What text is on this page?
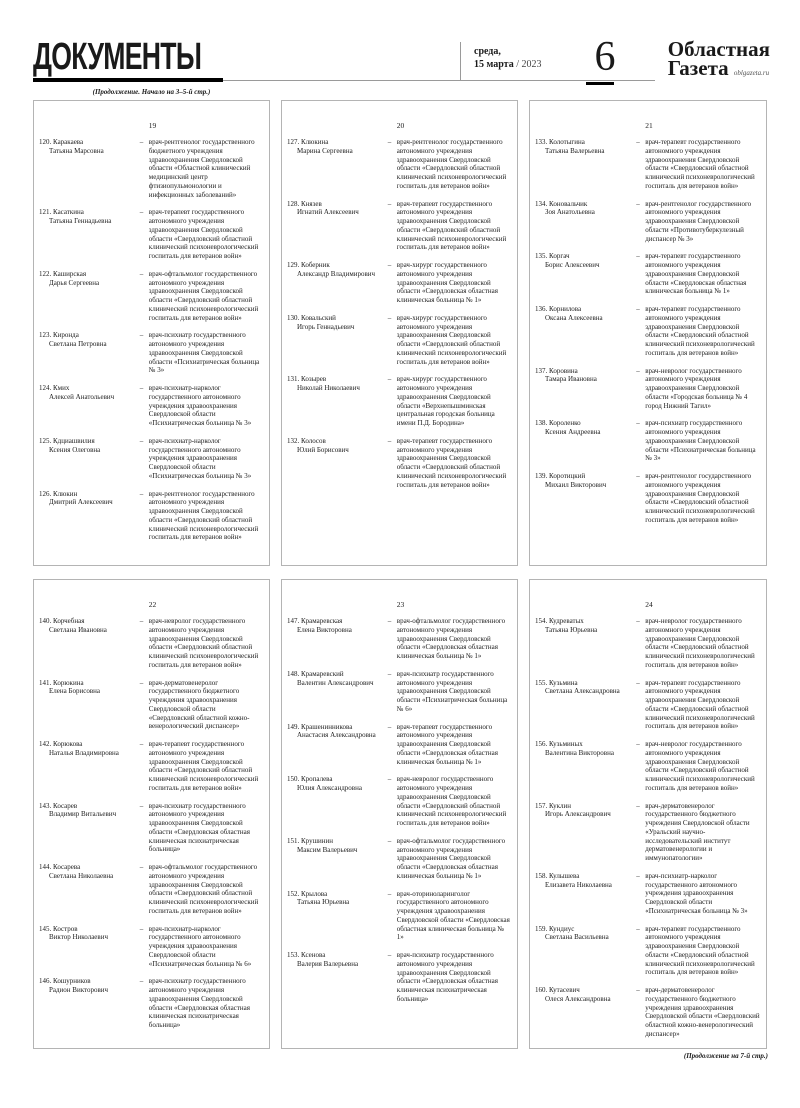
ДОКУМЕНТЫ	среда,
15 марта / 2023 6	Областная
Газета oblgazeta.ru
(Продолжение. Начало на 3–5-й стр.)
19
120. Каракаева
Татьяна Марсовна
– врач-рентгенолог государственного бюджетного учреждения здравоохранения Свердловской области «Областной клинический медицинский центр фтизиопульмонологии и инфекционных заболеваний»
121. Касаткина
Татьяна Геннадьевна
– врач-терапевт государственного автономного учреждения здравоохранения Свердловской области «Свердловский областной клинический психоневрологический госпиталь для ветеранов войн»
122. Каширская
Дарья Сергеевна
– врач-офтальмолог государственного автономного учреждения здравоохранения Свердловской области «Свердловский областной клинический психоневрологический госпиталь для ветеранов войн»
123. Киронда
Светлана Петровна
– врач-психиатр государственного автономного учреждения здравоохранения Свердловской области «Психиатрическая больница № 3»
124. Кмих
Алексей Анатольевич
– врач-психиатр-нарколог государственного автономного учреждения здравоохранения Свердловской области «Психиатрическая больница № 3»
125. Кдциашвилия
Ксения Олеговна
– врач-психиатр-нарколог государственного автономного учреждения здравоохранения Свердловской области «Психиатрическая больница № 3»
126. Клюкин
Дмитрий Алексеевич
– врач-рентгенолог государственного автономного учреждения здравоохранения Свердловской области «Свердловский областной клинический психоневрологический госпиталь для ветеранов войн»
20
127. Клюкина
Марина Сергеевна
– врач-рентгенолог государственного автономного учреждения здравоохранения Свердловской области «Свердловский областной клинический психоневрологический госпиталь для ветеранов войн»
128. Князев
Игнатий Алексеевич
– врач-терапевт государственного автономного учреждения здравоохранения Свердловской области «Свердловский областной клинический психоневрологический госпиталь для ветеранов войн»
129. Коберник
Александр Владимирович
– врач-хирург государственного автономного учреждения здравоохранения Свердловской области «Свердловская областная клиническая больница № 1»
130. Ковальский
Игорь Геннадьевич
– врач-хирург государственного автономного учреждения здравоохранения Свердловской области «Свердловский областной клинический психоневрологический госпиталь для ветеранов войн»
131. Козырев
Николай Николаевич
– врач-хирург государственного автономного учреждения здравоохранения Свердловской области «Верхнепышминская центральная городская больница имени П.Д. Бородина»
132. Колосов
Юлий Борисович
– врач-терапевт государственного автономного учреждения здравоохранения Свердловской области «Свердловский областной клинический психоневрологический госпиталь для ветеранов войн»
21
133. Колотыгина
Татьяна Валерьевна
– врач-терапевт государственного автономного учреждения здравоохранения Свердловской области «Свердловский областной клинический психоневрологический госпиталь для ветеранов войн»
134. Коновальчик
Зоя Анатольевна
– врач-рентгенолог государственного автономного учреждения здравоохранения Свердловской области «Противотуберкулезный диспансер № 3»
135. Коргач
Борис Алексеевич
– врач-терапевт государственного автономного учреждения здравоохранения Свердловской области «Свердловская областная клиническая больница № 1»
136. Корнилова
Оксана Алексеевна
– врач-терапевт государственного автономного учреждения здравоохранения Свердловской области «Свердловский областной клинический психоневрологический госпиталь для ветеранов войн»
137. Коровина
Тамара Ивановна
– врач-невролог государственного автономного учреждения здравоохранения Свердловской области «Городская больница № 4 город Нижний Тагил»
138. Короленко
Ксения Андреевна
– врач-психиатр государственного автономного учреждения здравоохранения Свердловской области «Психиатрическая больница № 3»
139. Коротицкий
Михаил Викторович
– врач-рентгенолог государственного автономного учреждения здравоохранения Свердловской области «Свердловский областной клинический психоневрологический госпиталь для ветеранов войн»
22
140. Корчебная
Светлана Ивановна
– врач-невролог государственного автономного учреждения здравоохранения Свердловской области «Свердловский областной клинический психоневрологический госпиталь для ветеранов войн»
141. Корюкина
Елена Борисовна
– врач-дерматовенеролог государственного бюджетного учреждения здравоохранения Свердловской области «Свердловский областной кожно-венерологический диспансер»
142. Корюкова
Наталья Владимировна
– врач-терапевт государственного автономного учреждения здравоохранения Свердловской области «Свердловский областной клинический психоневрологический госпиталь для ветеранов войн»
143. Косарев
Владимир Витальевич
– врач-психиатр государственного автономного учреждения здравоохранения Свердловской области «Свердловская областная клиническая психиатрическая больница»
144. Косарева
Светлана Николаевна
– врач-офтальмолог государственного автономного учреждения здравоохранения Свердловской области «Свердловский областной клинический психоневрологический госпиталь для ветеранов войн»
145. Костров
Виктор Николаевич
– врач-психиатр-нарколог государственного автономного учреждения здравоохранения Свердловской области «Психиатрическая больница № 6»
146. Кошурников
Радион Викторович
– врач-психиатр государственного автономного учреждения здравоохранения Свердловской области «Свердловская областная клиническая психиатрическая больница»
23
147. Крамаревская
Елена Викторовна
– врач-офтальмолог государственного автономного учреждения здравоохранения Свердловской области «Свердловская областная клиническая больница № 1»
148. Крамаревский
Валентин Александрович
– врач-психиатр государственного автономного учреждения здравоохранения Свердловской области «Психиатрическая больница № 6»
149. Крашенинникова
Анастасия Александровна
– врач-терапевт государственного автономного учреждения здравоохранения Свердловской области «Свердловская областная клиническая больница № 1»
150. Кропалева
Юлия Александровна
– врач-невролог государственного автономного учреждения здравоохранения Свердловской области «Свердловский областной клинический психоневрологический госпиталь для ветеранов войн»
151. Крушинин
Максим Валерьевич
– врач-офтальмолог государственного автономного учреждения здравоохранения Свердловской области «Свердловская областная клиническая больница № 1»
152. Крылова
Татьяна Юрьевна
– врач-оториноларинголог государственного автономного учреждения здравоохранения Свердловской области «Свердловская областная клиническая больница № 1»
153. Ксенова
Валерия Валерьевна
– врач-психиатр государственного автономного учреждения здравоохранения Свердловской области «Свердловская областная клиническая психиатрическая больница»
24
154. Кудреватых
Татьяна Юрьевна
– врач-невролог государственного автономного учреждения здравоохранения Свердловской области «Свердловский областной клинический психоневрологический госпиталь для ветеранов войн»
155. Кузьмина
Светлана Александровна
– врач-терапевт государственного автономного учреждения здравоохранения Свердловской области «Свердловский областной клинический психоневрологический госпиталь для ветеранов войн»
156. Кузьминых
Валентина Викторовна
– врач-невролог государственного автономного учреждения здравоохранения Свердловской области «Свердловский областной клинический психоневрологический госпиталь для ветеранов войн»
157. Куклин
Игорь Александрович
– врач-дерматовенеролог государственного бюджетного учреждения Свердловской области «Уральский научно-исследовательский институт дерматовенерологии и иммунопатологии»
158. Кулышева
Елизавета Николаевна
– врач-психиатр-нарколог государственного автономного учреждения здравоохранения Свердловской области «Психиатрическая больница № 3»
159. Кундиус
Светлана Васильевна
– врач-терапевт государственного автономного учреждения здравоохранения Свердловской области «Свердловский областной клинический психоневрологический госпиталь для ветеранов войн»
160. Кутасевич
Олеся Александровна
– врач-дерматовенеролог государственного бюджетного учреждения здравоохранения Свердловской области «Свердловский областной кожно-венерологический диспансер»
(Продолжение на 7-й стр.)
